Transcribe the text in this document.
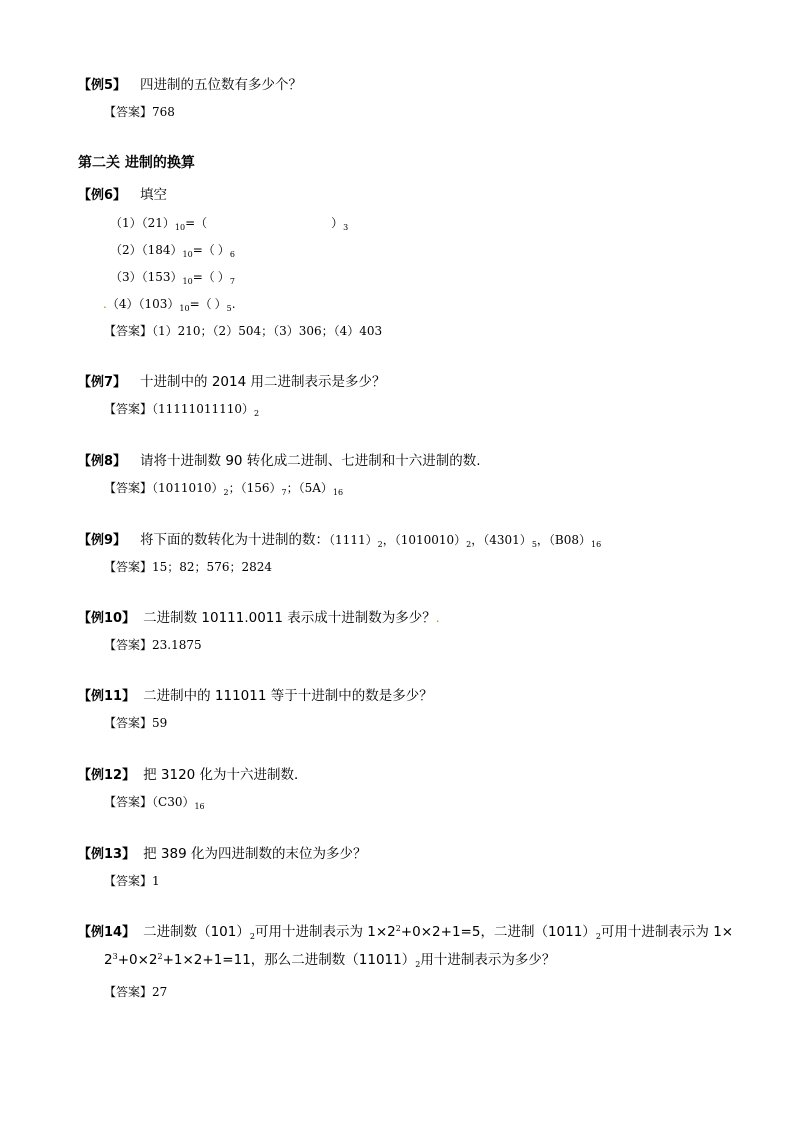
【例5】 四进制的五位数有多少个？
【答案】768
第二关 进制的换算
【例6】 填空
$(1)(21)_{10}=$（	）$_3$
$(2)(184)_{10}=$（ ）$_6$
$(3)(153)_{10}=$（ ）$_7$
$.(4)(103)_{10}=$（ ）$_5$.
【答案】（1）210；（2）504；（3）306；（4）403
【例7】 十进制中的 2014 用二进制表示是多少？
【答案】$(11111011110)_2$
【例8】 请将十进制数 90 转化成二进制、七进制和十六进制的数.
【答案】$(1011010)_2$；$(156)_7$；$(5A)_{16}$
【例9】 将下面的数转化为十进制的数：$(1111)_2$，$(1010010)_2$，$(4301)_5$，$(B08)_{16}$
【答案】15；82；576；2824
【例10】 二进制数 10111.0011 表示成十进制数为多少？.
【答案】23.1875
【例11】 二进制中的 111011 等于十进制中的数是多少？
【答案】59
【例12】 把 3120 化为十六进制数．
【答案】$(C30)_{16}$
【例13】 把 389 化为四进制数的末位为多少？
【答案】1
【例14】 二进制数$(101)_2$可用十进制表示为 $1\times 2^2+0\times 2+1=5$，二进制$(1011)_2$可用十进制表示为 1×
$2^3+0\times 2^2+1\times 2+1=11$，那么二进制数$(11011)_2$用十进制表示为多少？
【答案】27
